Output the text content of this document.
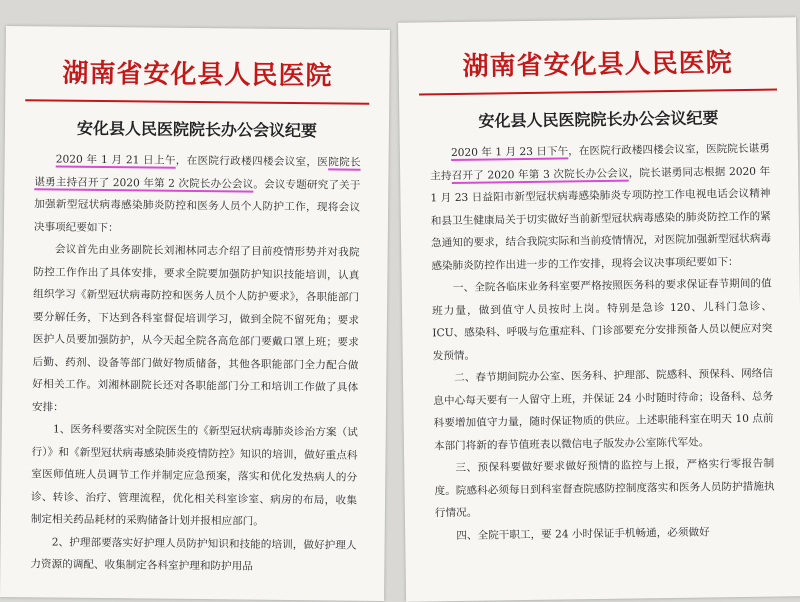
湖南省安化县人民医院
安化县人民医院院长办公会议纪要

2020 年 1 月 21 日上午，在医院行政楼四楼会议室，医院院长谌勇主持召开了 2020 年第 2 次院长办公会议。会议专题研究了关于加强新型冠状病毒感染肺炎防控和医务人员个人防护工作，现将会议决事项纪要如下：

会议首先由业务副院长刘湘林同志介绍了目前疫情形势并对我院防控工作作出了具体安排，要求全院要加强防护知识技能培训，认真组织学习《新型冠状病毒防控和医务人员个人防护要求》，各职能部门要分解任务，下达到各科室督促培训学习，做到全院不留死角；要求医护人员要加强防护，从今天起全院各高危部门要戴口罩上班；要求后勤、药剂、设备等部门做好物质储备，其他各职能部门全力配合做好相关工作。刘湘林副院长还对各职能部门分工和培训工作做了具体安排：

1、医务科要落实对全院医生的《新型冠状病毒肺炎诊治方案（试行）》和《新型冠状病毒感染肺炎疫情防控》知识的培训，做好重点科室医师值班人员调节工作并制定应急预案，落实和优化发热病人的分诊、转诊、治疗、管理流程，优化相关科室诊室、病房的布局，收集制定相关药品耗材的采购储备计划并报相应部门。

2、护理部要落实好护理人员防护知识和技能的培训，做好护理人力资源的调配、收集制定各科室护理和防护用品

湖南省安化县人民医院
安化县人民医院院长办公会议纪要

2020 年 1 月 23 日下午，在医院行政楼四楼会议室，医院院长谌勇主持召开了 2020 年第 3 次院长办公会议，院长谌勇同志根据 2020 年 1 月 23 日益阳市新型冠状病毒感染肺炎专项防控工作电视电话会议精神和县卫生健康局关于切实做好当前新型冠状病毒感染的肺炎防控工作的紧急通知的要求，结合我院实际和当前疫情情况，对医院加强新型冠状病毒感染肺炎防控作出进一步的工作安排，现将会议决事项纪要如下：

一、全院各临床业务科室要严格按照医务科的要求保证春节期间的值班力量，做到值守人员按时上岗。特别是急诊 120、儿科门急诊、ICU、感染科、呼吸与危重症科、门诊部要充分安排预备人员以便应对突发预情。

二、春节期间院办公室、医务科、护理部、院感科、预保科、网络信息中心每天要有一人留守上班，并保证 24 小时随时待命；设备科、总务科要增加值守力量，随时保证物质的供应。上述职能科室在明天 10 点前本部门将新的春节值班表以微信电子版发办公室陈代军处。

三、预保科要做好要求做好预情的监控与上报，严格实行零报告制度。院感科必须每日到科室督查院感防控制度落实和医务人员防护措施执行情况。

四、全院干职工，要 24 小时保证手机畅通，必须做好
